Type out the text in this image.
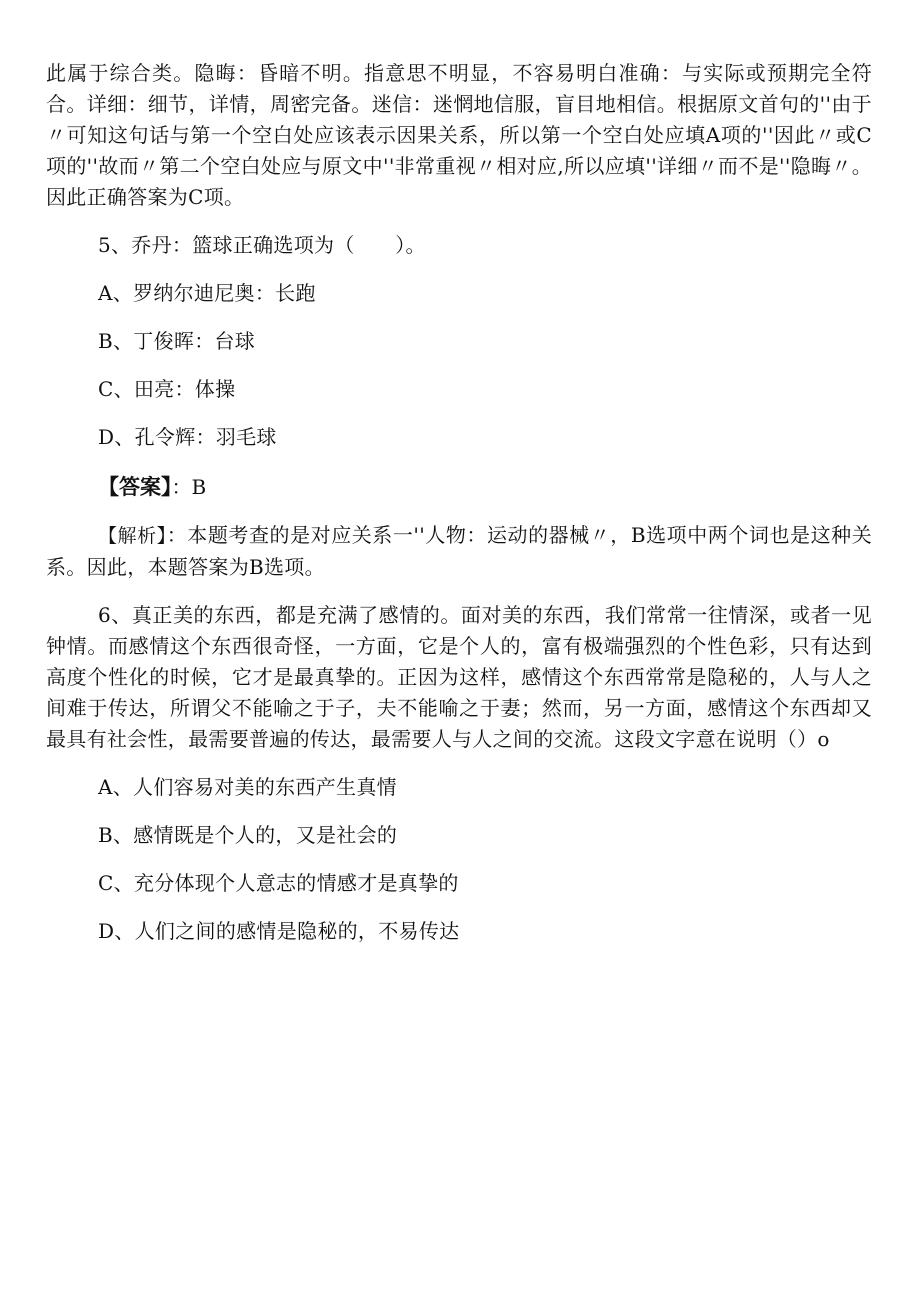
此属于综合类。隐晦：昏暗不明。指意思不明显，不容易明白准确：与实际或预期完全符合。详细：细节，详情，周密完备。迷信：迷惘地信服，盲目地相信。根据原文首句的''由于〃可知这句话与第一个空白处应该表示因果关系，所以第一个空白处应填A项的''因此〃或C项的''故而〃第二个空白处应与原文中''非常重视〃相对应,所以应填''详细〃而不是''隐晦〃。因此正确答案为C项。

5、乔丹：篮球正确选项为（　　）。

A、罗纳尔迪尼奥：长跑

B、丁俊晖：台球

C、田亮：体操

D、孔令辉：羽毛球

【答案】：B

【解析】：本题考查的是对应关系一''人物：运动的器械〃，B选项中两个词也是这种关系。因此，本题答案为B选项。

6、真正美的东西，都是充满了感情的。面对美的东西，我们常常一往情深，或者一见钟情。而感情这个东西很奇怪，一方面，它是个人的，富有极端强烈的个性色彩，只有达到高度个性化的时候，它才是最真挚的。正因为这样，感情这个东西常常是隐秘的，人与人之间难于传达，所谓父不能喻之于子，夫不能喻之于妻；然而，另一方面，感情这个东西却又最具有社会性，最需要普遍的传达，最需要人与人之间的交流。这段文字意在说明（）o

A、人们容易对美的东西产生真情

B、感情既是个人的，又是社会的

C、充分体现个人意志的情感才是真挚的

D、人们之间的感情是隐秘的，不易传达
